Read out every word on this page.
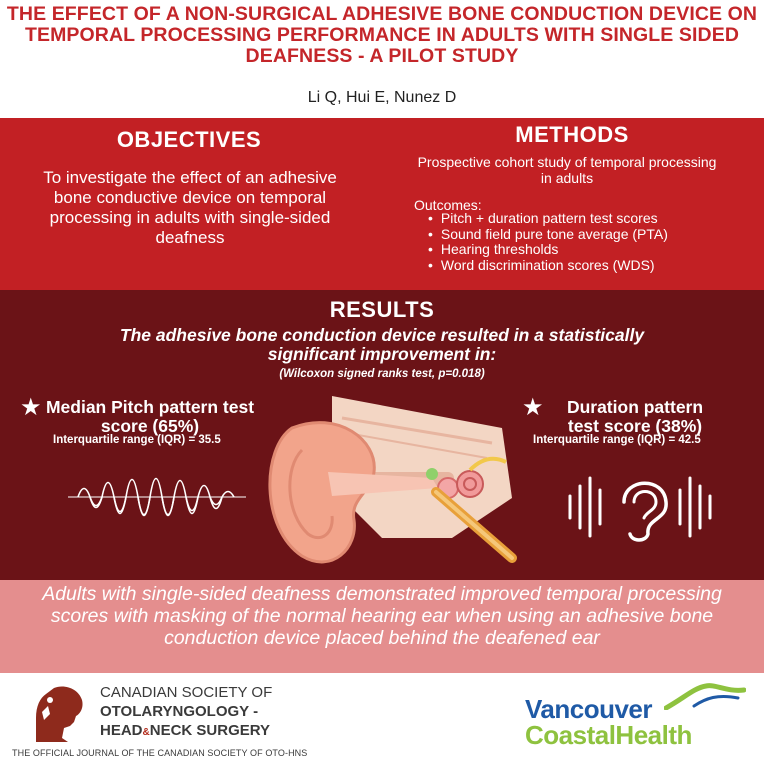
THE EFFECT OF A NON-SURGICAL ADHESIVE BONE CONDUCTION DEVICE ON TEMPORAL PROCESSING PERFORMANCE IN ADULTS WITH SINGLE SIDED DEAFNESS - A PILOT STUDY
Li Q, Hui E, Nunez D
OBJECTIVES
To investigate the effect of an adhesive bone conductive device on temporal processing in adults with single-sided deafness
METHODS
Prospective cohort study of temporal processing in adults
Outcomes:
• Pitch + duration pattern test scores
• Sound field pure tone average (PTA)
• Hearing thresholds
• Word discrimination scores (WDS)
RESULTS
The adhesive bone conduction device resulted in a statistically significant improvement in:
(Wilcoxon signed ranks test, p=0.018)
★ Median Pitch pattern test score (65%)
Interquartile range (IQR) = 35.5
★	Duration pattern test score (38%)
Interquartile range (IQR) = 42.5
Adults with single-sided deafness demonstrated improved temporal processing scores with masking of the normal hearing ear when using an adhesive bone conduction device placed behind the deafened ear
CANADIAN SOCIETY OF
OTOLARYNGOLOGY -
HEAD&NECK SURGERY
THE OFFICIAL JOURNAL OF THE CANADIAN SOCIETY OF OTO-HNS
Vancouver
CoastalHealth
